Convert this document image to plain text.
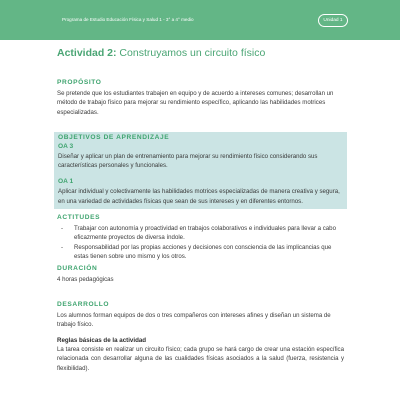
Programa de Estudio Educación Física y Salud 1 - 3° a 4° medio	Unidad 1
Actividad 2: Construyamos un circuito físico
PROPÓSITO
Se pretende que los estudiantes trabajen en equipo y de acuerdo a intereses comunes; desarrollan un método de trabajo físico para mejorar su rendimiento específico, aplicando las habilidades motrices especializadas.
OBJETIVOS DE APRENDIZAJE
OA 3
Diseñar y aplicar un plan de entrenamiento para mejorar su rendimiento físico considerando sus características personales y funcionales.
OA 1
Aplicar individual y colectivamente las habilidades motrices especializadas de manera creativa y segura, en una variedad de actividades físicas que sean de sus intereses y en diferentes entornos.
ACTITUDES
- Trabajar con autonomía y proactividad en trabajos colaborativos e individuales para llevar a cabo eficazmente proyectos de diversa índole.
- Responsabilidad por las propias acciones y decisiones con consciencia de las implicancias que estas tienen sobre uno mismo y los otros.
DURACIÓN
4 horas pedagógicas
DESARROLLO
Los alumnos forman equipos de dos o tres compañeros con intereses afines y diseñan un sistema de trabajo físico.
Reglas básicas de la actividad
La tarea consiste en realizar un circuito físico; cada grupo se hará cargo de crear una estación específica relacionada con desarrollar alguna de las cualidades físicas asociados a la salud (fuerza, resistencia y flexibilidad).
